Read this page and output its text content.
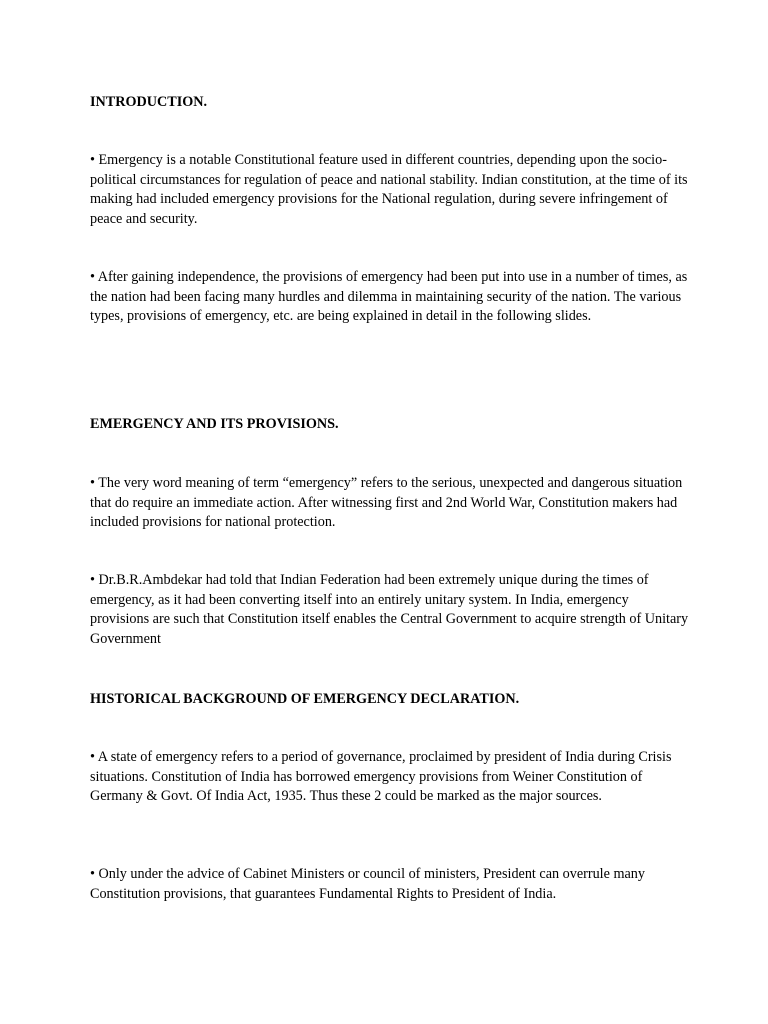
INTRODUCTION.

• Emergency is a notable Constitutional feature used in different countries, depending upon the socio-political circumstances for regulation of peace and national stability. Indian constitution, at the time of its making had included emergency provisions for the National regulation, during severe infringement of peace and security.

• After gaining independence, the provisions of emergency had been put into use in a number of times, as the nation had been facing many hurdles and dilemma in maintaining security of the nation. The various types, provisions of emergency, etc. are being explained in detail in the following slides.

EMERGENCY AND ITS PROVISIONS.

• The very word meaning of term “emergency” refers to the serious, unexpected and dangerous situation that do require an immediate action. After witnessing first and 2nd World War, Constitution makers had included provisions for national protection.

• Dr.B.R.Ambdekar had told that Indian Federation had been extremely unique during the times of emergency, as it had been converting itself into an entirely unitary system. In India, emergency provisions are such that Constitution itself enables the Central Government to acquire strength of Unitary Government

HISTORICAL BACKGROUND OF EMERGENCY DECLARATION.

• A state of emergency refers to a period of governance, proclaimed by president of India during Crisis situations. Constitution of India has borrowed emergency provisions from Weiner Constitution of Germany & Govt. Of India Act, 1935. Thus these 2 could be marked as the major sources.

• Only under the advice of Cabinet Ministers or council of ministers, President can overrule many Constitution provisions, that guarantees Fundamental Rights to President of India.
